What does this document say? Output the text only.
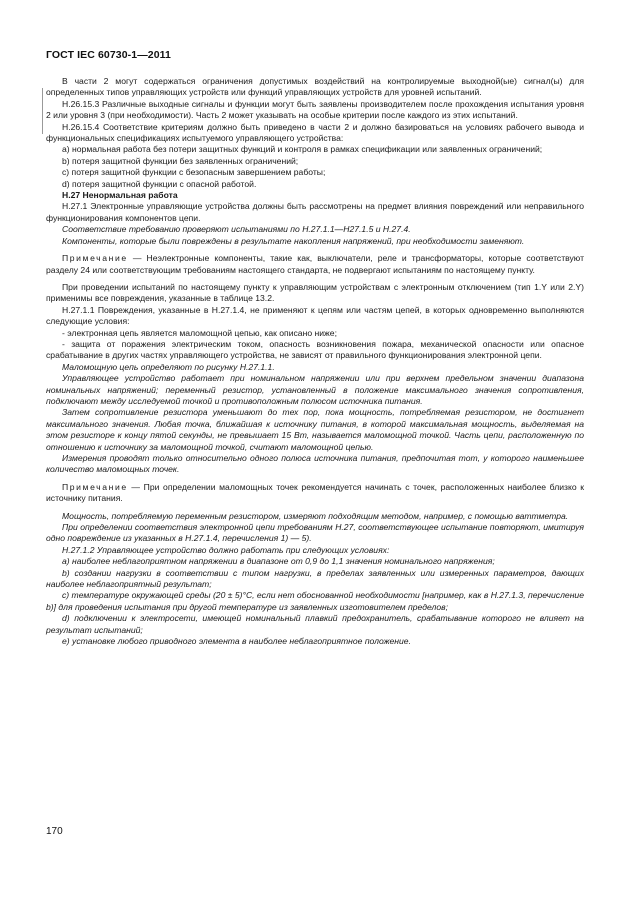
ГОСТ IEC 60730-1—2011

В части 2 могут содержаться ограничения допустимых воздействий на контролируемые выходной(ые) сигнал(ы) для определенных типов управляющих устройств или функций управляющих устройств для уровней испытаний.

H.26.15.3 Различные выходные сигналы и функции могут быть заявлены производителем после прохождения испытания уровня 2 или уровня 3 (при необходимости). Часть 2 может указывать на особые критерии после каждого из этих испытаний.

H.26.15.4 Соответствие критериям должно быть приведено в части 2 и должно базироваться на условиях рабочего вывода и функциональных спецификациях испытуемого управляющего устройства:

a) нормальная работа без потери защитных функций и контроля в рамках спецификации или заявленных ограничений;

b) потеря защитной функции без заявленных ограничений;

c) потеря защитной функции с безопасным завершением работы;

d) потеря защитной функции с опасной работой.

H.27 Ненормальная работа

H.27.1 Электронные управляющие устройства должны быть рассмотрены на предмет влияния повреждений или неправильного функционирования компонентов цепи.

Соответствие требованию проверяют испытаниями по H.27.1.1—H27.1.5 и H.27.4.

Компоненты, которые были повреждены в результате накопления напряжений, при необходимости заменяют.

Примечание — Неэлектронные компоненты, такие как, выключатели, реле и трансформаторы, которые соответствуют разделу 24 или соответствующим требованиям настоящего стандарта, не подвергают испытаниям по настоящему пункту.

При проведении испытаний по настоящему пункту к управляющим устройствам с электронным отключением (тип 1.Y или 2.Y) применимы все повреждения, указанные в таблице 13.2.

H.27.1.1 Повреждения, указанные в H.27.1.4, не применяют к цепям или частям цепей, в которых одновременно выполняются следующие условия:

- электронная цепь является маломощной цепью, как описано ниже;

- защита от поражения электрическим током, опасность возникновения пожара, механической опасности или опасное срабатывание в других частях управляющего устройства, не зависят от правильного функционирования электронной цепи.

Маломощную цепь определяют по рисунку H.27.1.1.

Управляющее устройство работает при номинальном напряжении или при верхнем предельном значении диапазона номинальных напряжений; переменный резистор, установленный в положение максимального значения сопротивления, подключают между исследуемой точкой и противоположным полюсом источника питания.

Затем сопротивление резистора уменьшают до тех пор, пока мощность, потребляемая резистором, не достигнет максимального значения. Любая точка, ближайшая к источнику питания, в которой максимальная мощность, выделяемая на этом резисторе к концу пятой секунды, не превышает 15 Вт, называется маломощной точкой. Часть цепи, расположенную по отношению к источнику за маломощной точкой, считают маломощной цепью.

Измерения проводят только относительно одного полюса источника питания, предпочитая тот, у которого наименьшее количество маломощных точек.

Примечание — При определении маломощных точек рекомендуется начинать с точек, расположенных наиболее близко к источнику питания.

Мощность, потребляемую переменным резистором, измеряют подходящим методом, например, с помощью ваттметра.

При определении соответствия электронной цепи требованиям H.27, соответствующее испытание повторяют, имитируя одно повреждение из указанных в H.27.1.4, перечисления 1) — 5).

H.27.1.2 Управляющее устройство должно работать при следующих условиях:

a) наиболее неблагоприятном напряжении в диапазоне от 0,9 до 1,1 значения номинального напряжения;

b) создании нагрузки в соответствии с типом нагрузки, в пределах заявленных или измеренных параметров, дающих наиболее неблагоприятный результат;

c) температуре окружающей среды (20 ± 5)°С, если нет обоснованной необходимости [например, как в H.27.1.3, перечисление b)] для проведения испытания при другой температуре из заявленных изготовителем пределов;

d) подключении к электросети, имеющей номинальный плавкий предохранитель, срабатывание которого не влияет на результат испытаний;

e) установке любого приводного элемента в наиболее неблагоприятное положение.

170
